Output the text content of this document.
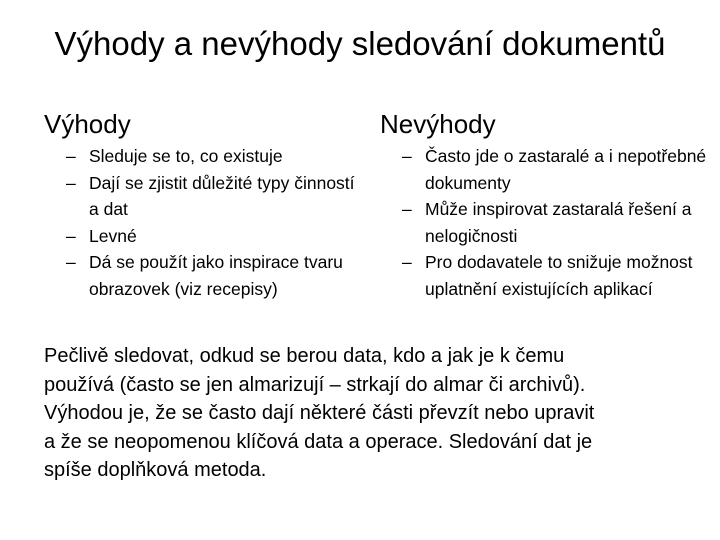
Výhody a nevýhody sledování dokumentů
Výhody
– Sleduje se to, co existuje
– Dají se zjistit důležité typy činností a dat
– Levné
– Dá se použít jako inspirace tvaru obrazovek (viz recepisy)
Nevýhody
– Často jde o zastaralé a i nepotřebné dokumenty
– Může inspirovat zastaralá řešení a nelogičnosti
– Pro dodavatele to snižuje možnost uplatnění existujících aplikací
Pečlivě sledovat, odkud se berou data, kdo a jak je k čemu
používá (často se jen almarizují – strkají do almar či archivů).
Výhodou je, že se často dají některé části převzít nebo upravit
a že se neopomenou klíčová data a operace. Sledování dat je
spíše doplňková metoda.
